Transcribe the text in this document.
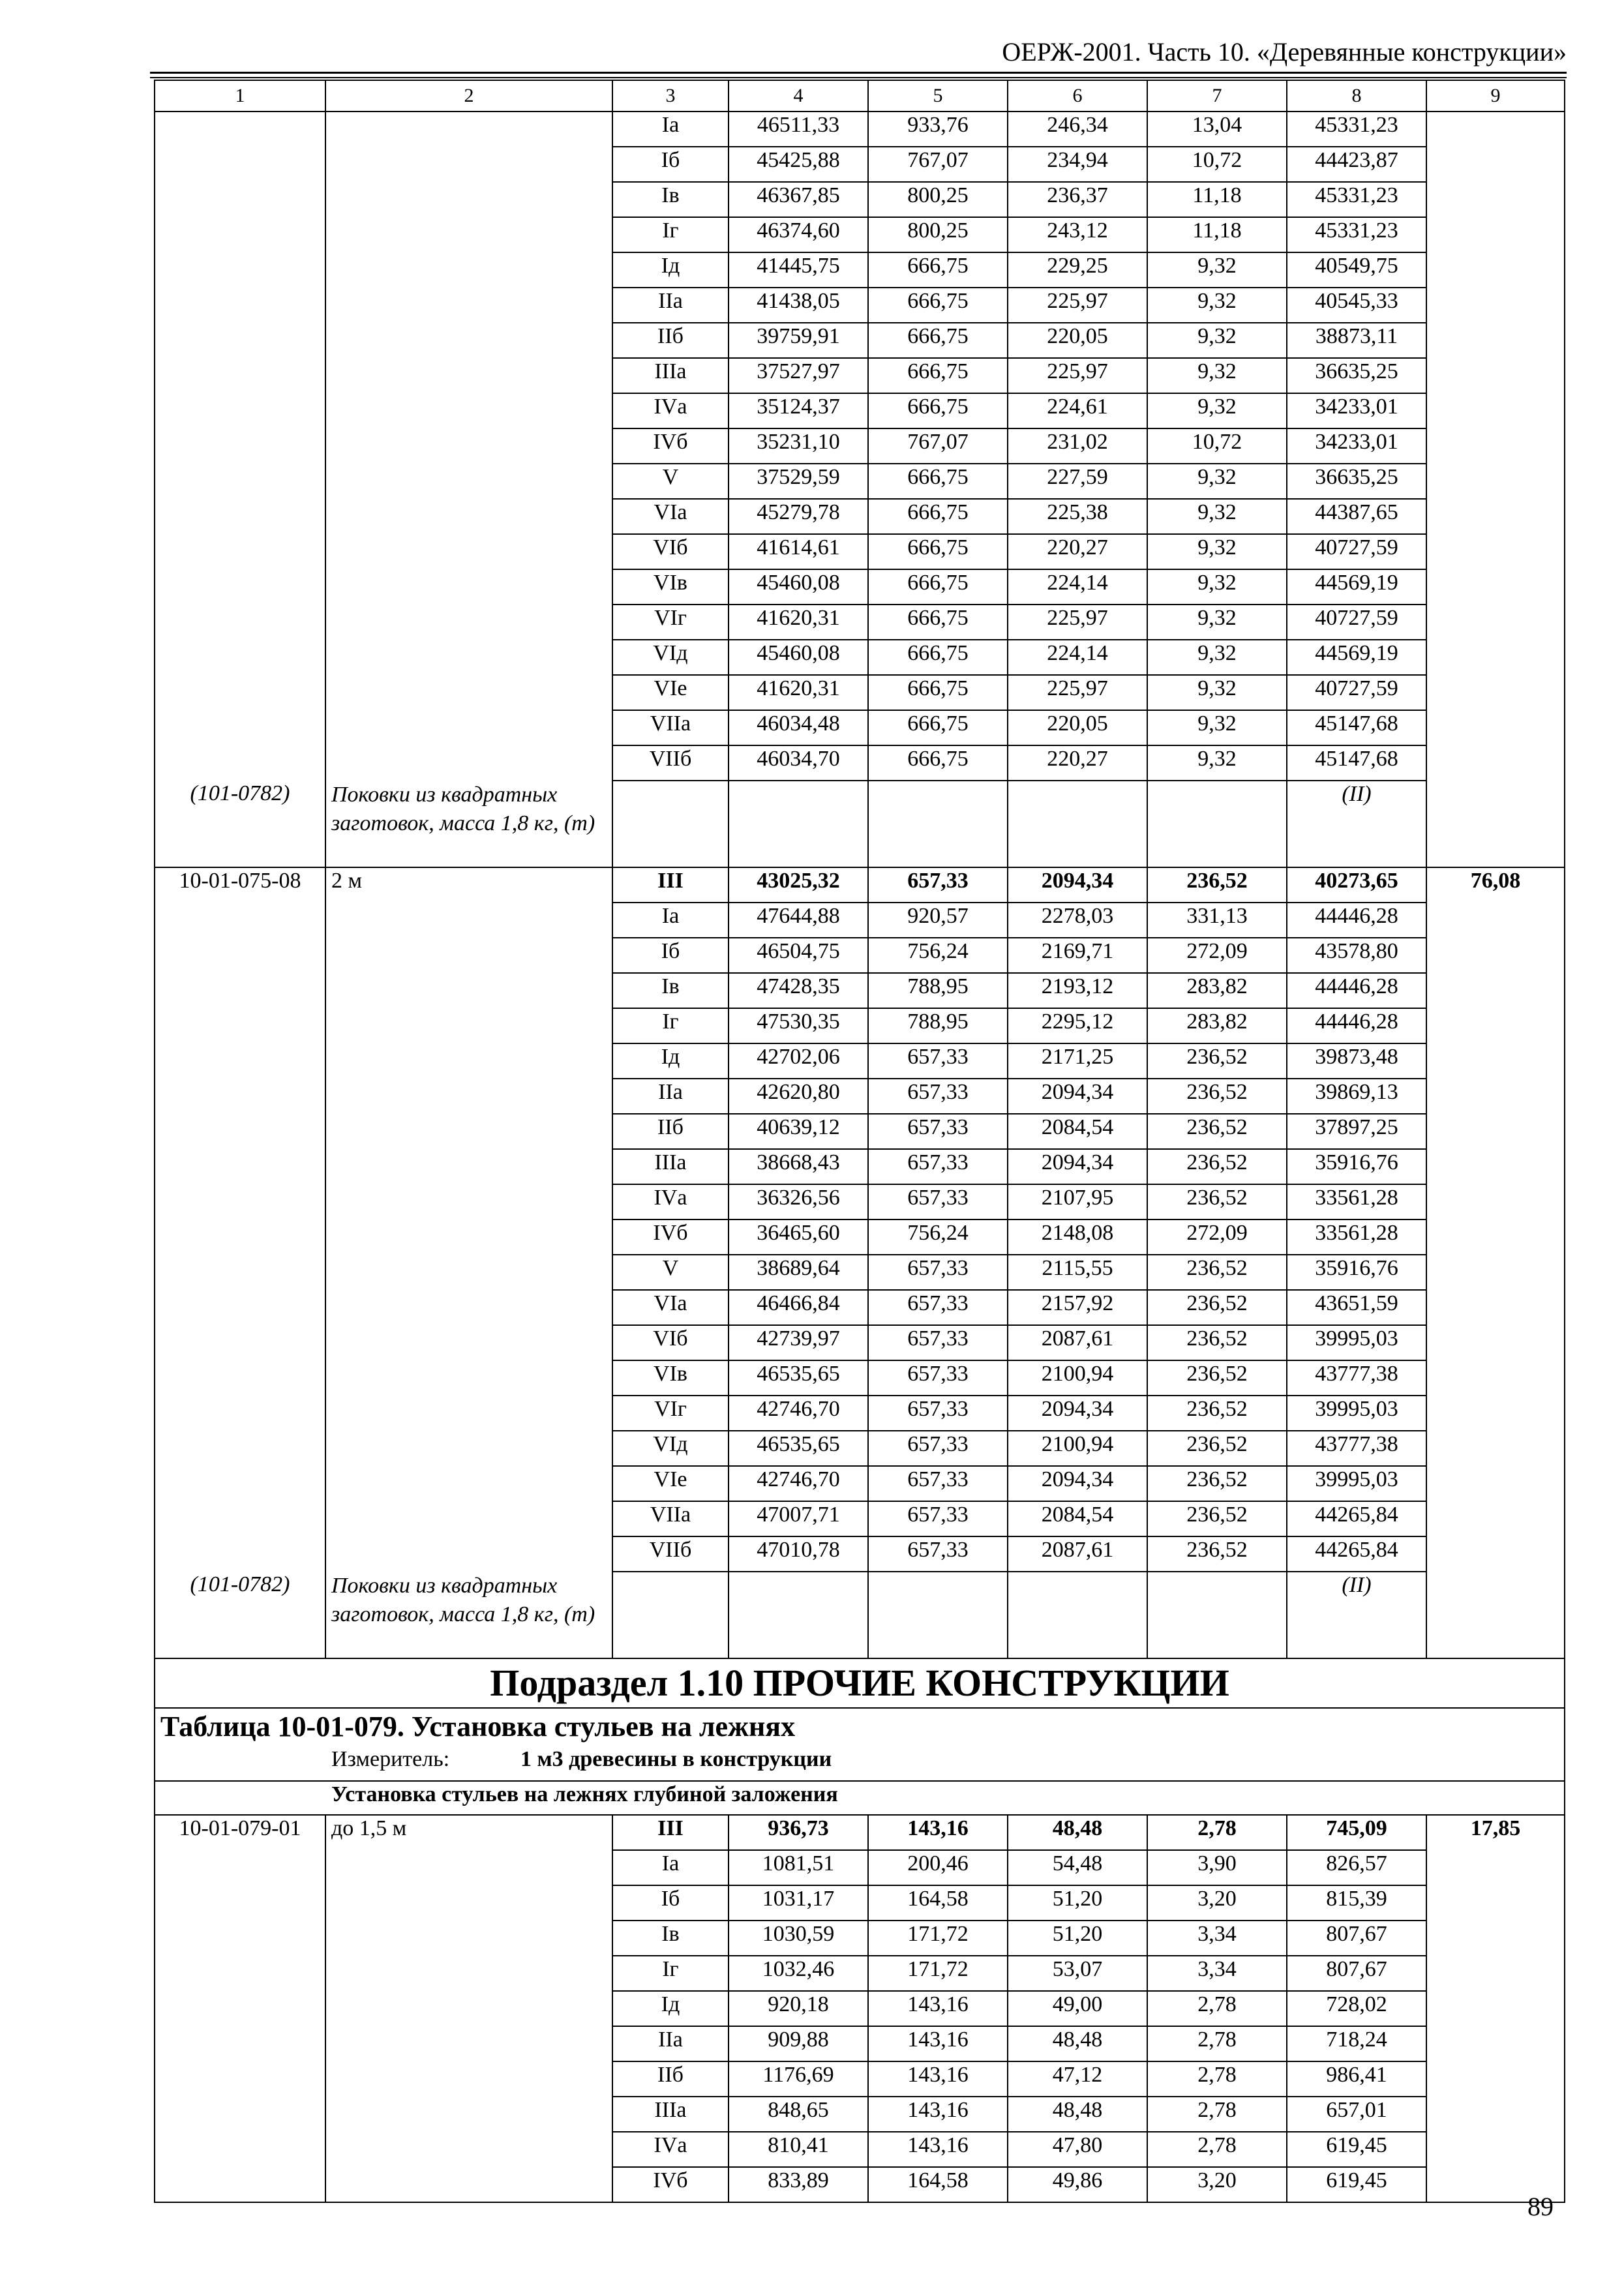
ОЕРЖ-2001. Часть 10. «Деревянные конструкции»
1	2	3	4	5	6	7	8	9
		Iа	46511,33	933,76	246,34	13,04	45331,23	
		Iб	45425,88	767,07	234,94	10,72	44423,87	
		Iв	46367,85	800,25	236,37	11,18	45331,23	
		Iг	46374,60	800,25	243,12	11,18	45331,23	
		Iд	41445,75	666,75	229,25	9,32	40549,75	
		IIа	41438,05	666,75	225,97	9,32	40545,33	
		IIб	39759,91	666,75	220,05	9,32	38873,11	
		IIIа	37527,97	666,75	225,97	9,32	36635,25	
		IVа	35124,37	666,75	224,61	9,32	34233,01	
		IVб	35231,10	767,07	231,02	10,72	34233,01	
		V	37529,59	666,75	227,59	9,32	36635,25	
		VIа	45279,78	666,75	225,38	9,32	44387,65	
		VIб	41614,61	666,75	220,27	9,32	40727,59	
		VIв	45460,08	666,75	224,14	9,32	44569,19	
		VIг	41620,31	666,75	225,97	9,32	40727,59	
		VIд	45460,08	666,75	224,14	9,32	44569,19	
		VIе	41620,31	666,75	225,97	9,32	40727,59	
		VIIа	46034,48	666,75	220,05	9,32	45147,68	
		VIIб	46034,70	666,75	220,27	9,32	45147,68	
(101-0782)	Поковки из квадратных заготовок, масса 1,8 кг, (т)						(II)	
10-01-075-08	2 м	III	43025,32	657,33	2094,34	236,52	40273,65	76,08
		Iа	47644,88	920,57	2278,03	331,13	44446,28	
		Iб	46504,75	756,24	2169,71	272,09	43578,80	
		Iв	47428,35	788,95	2193,12	283,82	44446,28	
		Iг	47530,35	788,95	2295,12	283,82	44446,28	
		Iд	42702,06	657,33	2171,25	236,52	39873,48	
		IIа	42620,80	657,33	2094,34	236,52	39869,13	
		IIб	40639,12	657,33	2084,54	236,52	37897,25	
		IIIа	38668,43	657,33	2094,34	236,52	35916,76	
		IVа	36326,56	657,33	2107,95	236,52	33561,28	
		IVб	36465,60	756,24	2148,08	272,09	33561,28	
		V	38689,64	657,33	2115,55	236,52	35916,76	
		VIа	46466,84	657,33	2157,92	236,52	43651,59	
		VIб	42739,97	657,33	2087,61	236,52	39995,03	
		VIв	46535,65	657,33	2100,94	236,52	43777,38	
		VIг	42746,70	657,33	2094,34	236,52	39995,03	
		VIд	46535,65	657,33	2100,94	236,52	43777,38	
		VIе	42746,70	657,33	2094,34	236,52	39995,03	
		VIIа	47007,71	657,33	2084,54	236,52	44265,84	
		VIIб	47010,78	657,33	2087,61	236,52	44265,84	
(101-0782)	Поковки из квадратных заготовок, масса 1,8 кг, (т)						(II)	
Подраздел 1.10 ПРОЧИЕ КОНСТРУКЦИИ								
Таблица 10-01-079. Установка стульев на лежнях								
Измеритель: 1 м3 древесины в конструкции								
Установка стульев на лежнях глубиной заложения								
10-01-079-01	до 1,5 м	III	936,73	143,16	48,48	2,78	745,09	17,85
		Iа	1081,51	200,46	54,48	3,90	826,57	
		Iб	1031,17	164,58	51,20	3,20	815,39	
		Iв	1030,59	171,72	51,20	3,34	807,67	
		Iг	1032,46	171,72	53,07	3,34	807,67	
		Iд	920,18	143,16	49,00	2,78	728,02	
		IIа	909,88	143,16	48,48	2,78	718,24	
		IIб	1176,69	143,16	47,12	2,78	986,41	
		IIIа	848,65	143,16	48,48	2,78	657,01	
		IVа	810,41	143,16	47,80	2,78	619,45	
		IVб	833,89	164,58	49,86	3,20	619,45	
89
